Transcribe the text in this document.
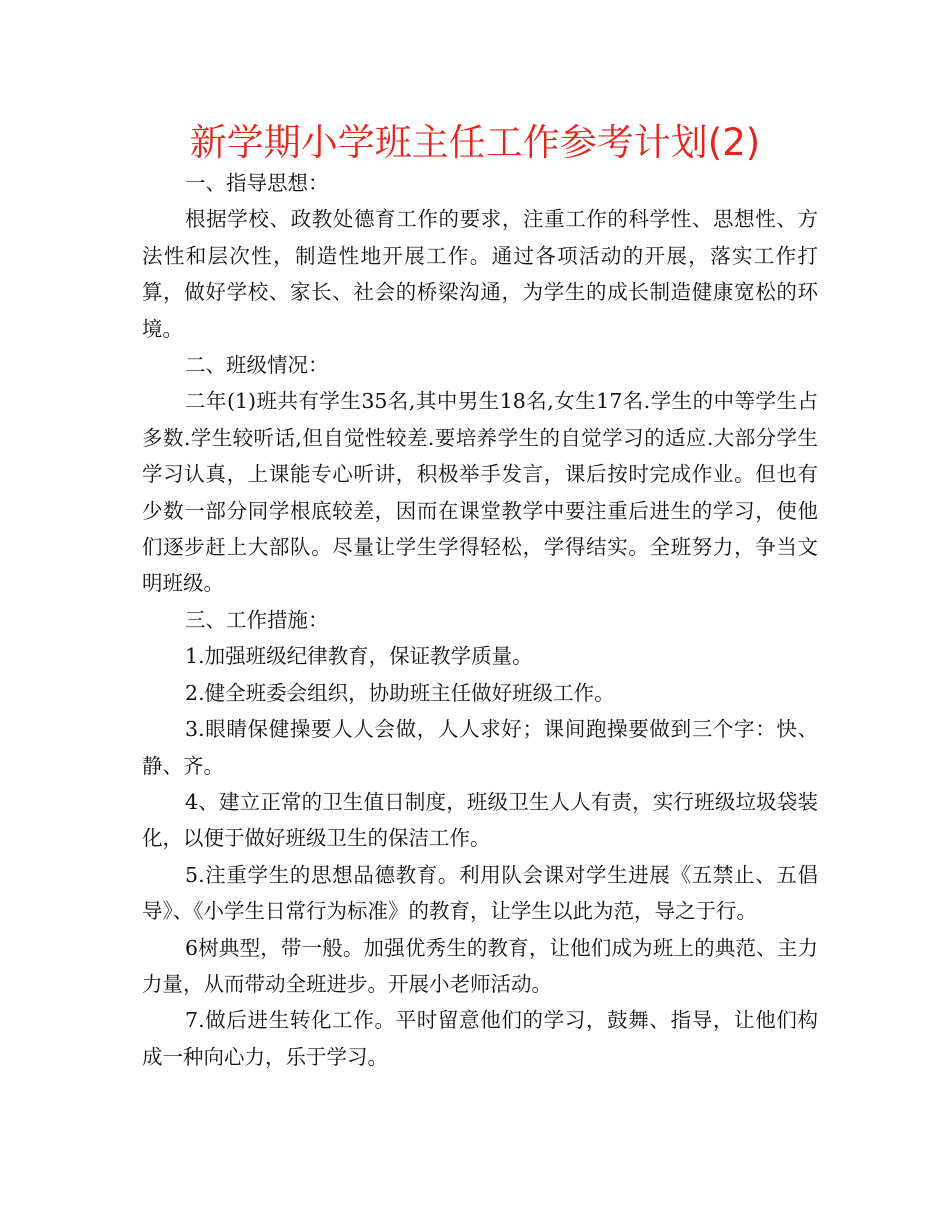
新学期小学班主任工作参考计划(2)

一、指导思想：

根据学校、政教处德育工作的要求，注重工作的科学性、思想性、方法性和层次性，制造性地开展工作。通过各项活动的开展，落实工作打算，做好学校、家长、社会的桥梁沟通，为学生的成长制造健康宽松的环境。

二、班级情况：

二年(1)班共有学生35名,其中男生18名,女生17名.学生的中等学生占多数.学生较听话,但自觉性较差.要培养学生的自觉学习的适应.大部分学生学习认真，上课能专心听讲，积极举手发言，课后按时完成作业。但也有少数一部分同学根底较差，因而在课堂教学中要注重后进生的学习，使他们逐步赶上大部队。尽量让学生学得轻松，学得结实。全班努力，争当文明班级。

三、工作措施：

1.加强班级纪律教育，保证教学质量。

2.健全班委会组织，协助班主任做好班级工作。

3.眼睛保健操要人人会做，人人求好；课间跑操要做到三个字：快、静、齐。

4、建立正常的卫生值日制度，班级卫生人人有责，实行班级垃圾袋装化，以便于做好班级卫生的保洁工作。

5.注重学生的思想品德教育。利用队会课对学生进展《五禁止、五倡导》、《小学生日常行为标准》的教育，让学生以此为范，导之于行。

6树典型，带一般。加强优秀生的教育，让他们成为班上的典范、主力力量，从而带动全班进步。开展小老师活动。

7.做后进生转化工作。平时留意他们的学习，鼓舞、指导，让他们构成一种向心力，乐于学习。
